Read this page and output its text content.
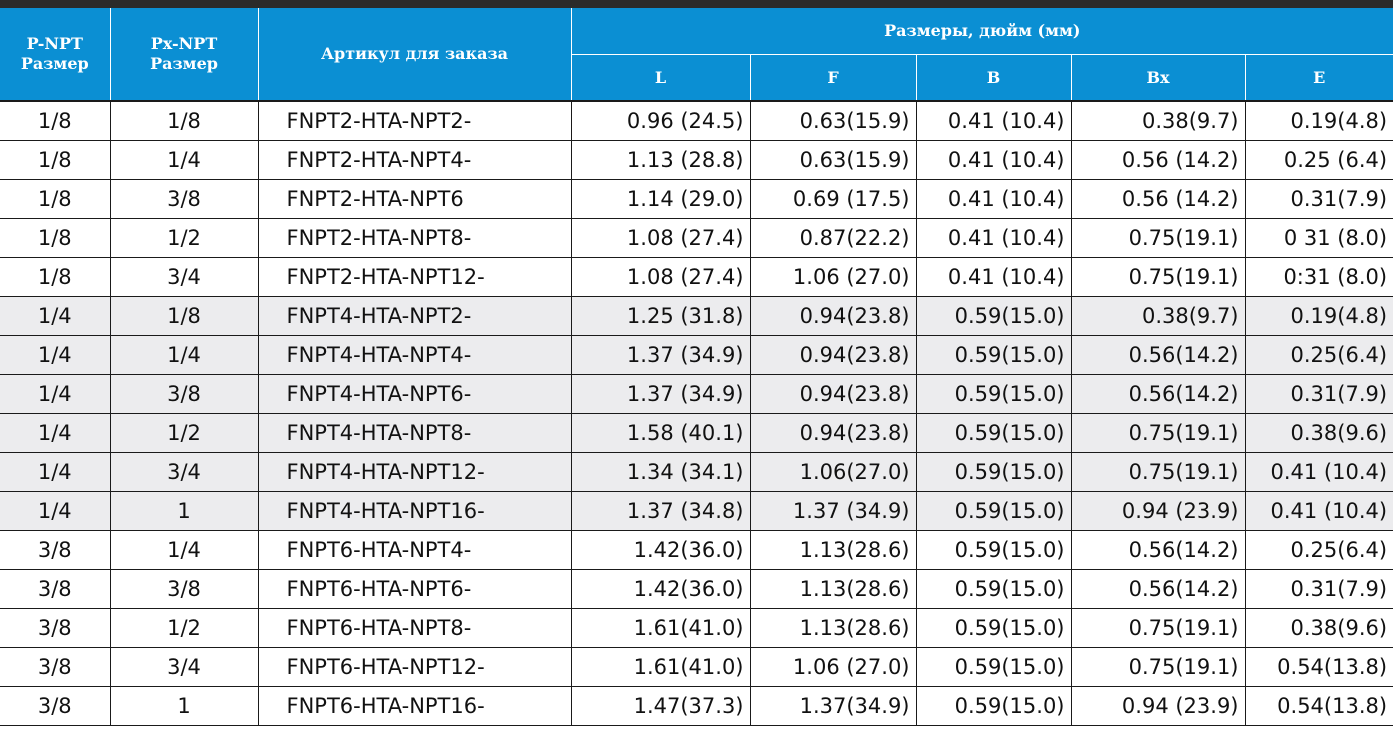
P-NPT Размер	Px-NPT Размер	Артикул для заказа	Размеры, дюйм (мм)				
			L	F	B	Bx	E
1/8	1/8	FNPT2-HTA-NPT2-	0.96 (24.5)	0.63(15.9)	0.41 (10.4)	0.38(9.7)	0.19(4.8)
1/8	1/4	FNPT2-HTA-NPT4-	1.13 (28.8)	0.63(15.9)	0.41 (10.4)	0.56 (14.2)	0.25 (6.4)
1/8	3/8	FNPT2-HTA-NPT6	1.14 (29.0)	0.69 (17.5)	0.41 (10.4)	0.56 (14.2)	0.31(7.9)
1/8	1/2	FNPT2-HTA-NPT8-	1.08 (27.4)	0.87(22.2)	0.41 (10.4)	0.75(19.1)	0 31 (8.0)
1/8	3/4	FNPT2-HTA-NPT12-	1.08 (27.4)	1.06 (27.0)	0.41 (10.4)	0.75(19.1)	0:31 (8.0)
1/4	1/8	FNPT4-HTA-NPT2-	1.25 (31.8)	0.94(23.8)	0.59(15.0)	0.38(9.7)	0.19(4.8)
1/4	1/4	FNPT4-HTA-NPT4-	1.37 (34.9)	0.94(23.8)	0.59(15.0)	0.56(14.2)	0.25(6.4)
1/4	3/8	FNPT4-HTA-NPT6-	1.37 (34.9)	0.94(23.8)	0.59(15.0)	0.56(14.2)	0.31(7.9)
1/4	1/2	FNPT4-HTA-NPT8-	1.58 (40.1)	0.94(23.8)	0.59(15.0)	0.75(19.1)	0.38(9.6)
1/4	3/4	FNPT4-HTA-NPT12-	1.34 (34.1)	1.06(27.0)	0.59(15.0)	0.75(19.1)	0.41 (10.4)
1/4	1	FNPT4-HTA-NPT16-	1.37 (34.8)	1.37 (34.9)	0.59(15.0)	0.94 (23.9)	0.41 (10.4)
3/8	1/4	FNPT6-HTA-NPT4-	1.42(36.0)	1.13(28.6)	0.59(15.0)	0.56(14.2)	0.25(6.4)
3/8	3/8	FNPT6-HTA-NPT6-	1.42(36.0)	1.13(28.6)	0.59(15.0)	0.56(14.2)	0.31(7.9)
3/8	1/2	FNPT6-HTA-NPT8-	1.61(41.0)	1.13(28.6)	0.59(15.0)	0.75(19.1)	0.38(9.6)
3/8	3/4	FNPT6-HTA-NPT12-	1.61(41.0)	1.06 (27.0)	0.59(15.0)	0.75(19.1)	0.54(13.8)
3/8	1	FNPT6-HTA-NPT16-	1.47(37.3)	1.37(34.9)	0.59(15.0)	0.94 (23.9)	0.54(13.8)
